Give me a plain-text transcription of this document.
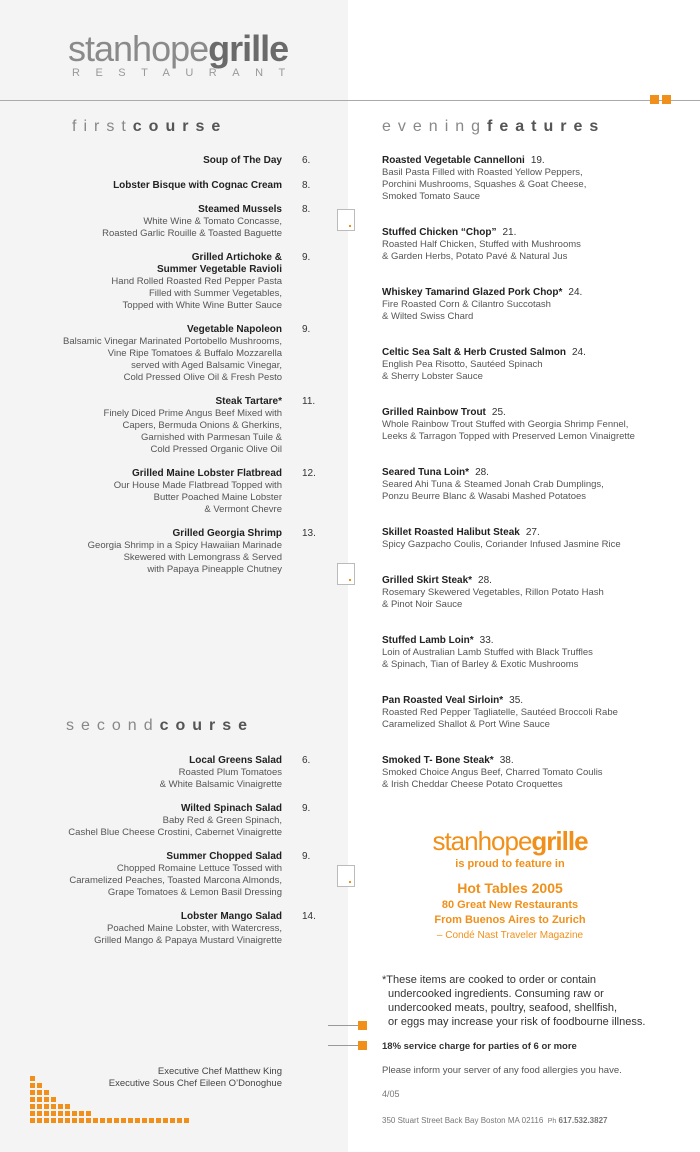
stanhopegrille
RESTAURANT
firstcourse	eveningfeatures
secondcourse
stanhopegrille
is proud to feature in
Hot Tables 2005
80 Great New Restaurants
From Buenos Aires to Zurich
– Condé Nast Traveler Magazine
*These items are cooked to order or contain
undercooked ingredients. Consuming raw or
undercooked meats, poultry, seafood, shellfish,
or eggs may increase your risk of foodbourne illness.
18% service charge for parties of 6 or more
Please inform your server of any food allergies you have.
4/05
350 Stuart Street Back Bay Boston MA 02116 Ph 617.532.3827
Executive Chef Matthew King
Executive Sous Chef Eileen O’Donoghue
Soup of The Day 6.
Lobster Bisque with Cognac Cream 8.
Steamed Mussels
White Wine & Tomato Concasse,
Roasted Garlic Rouille & Toasted Baguette
8.
Grilled Artichoke &
Summer Vegetable Ravioli
Hand Rolled Roasted Red Pepper Pasta
Filled with Summer Vegetables,
Topped with White Wine Butter Sauce
9.
Vegetable Napoleon
Balsamic Vinegar Marinated Portobello Mushrooms,
Vine Ripe Tomatoes & Buffalo Mozzarella
served with Aged Balsamic Vinegar,
Cold Pressed Olive Oil & Fresh Pesto
9.
Steak Tartare*
Finely Diced Prime Angus Beef Mixed with
Capers, Bermuda Onions & Gherkins,
Garnished with Parmesan Tuile &
Cold Pressed Organic Olive Oil
11.
Grilled Maine Lobster Flatbread
Our House Made Flatbread Topped with
Butter Poached Maine Lobster
& Vermont Chevre
12.
Grilled Georgia Shrimp
Georgia Shrimp in a Spicy Hawaiian Marinade
Skewered with Lemongrass & Served
with Papaya Pineapple Chutney
13.
Local Greens Salad
Roasted Plum Tomatoes
& White Balsamic Vinaigrette
6.
Wilted Spinach Salad
Baby Red & Green Spinach,
Cashel Blue Cheese Crostini, Cabernet Vinaigrette
9.
Summer Chopped Salad
Chopped Romaine Lettuce Tossed with
Caramelized Peaches, Toasted Marcona Almonds,
Grape Tomatoes & Lemon Basil Dressing
9.
Lobster Mango Salad
Poached Maine Lobster, with Watercress,
Grilled Mango & Papaya Mustard Vinaigrette
14.
Roasted Vegetable Cannelloni 19.
Basil Pasta Filled with Roasted Yellow Peppers,
Porchini Mushrooms, Squashes & Goat Cheese,
Smoked Tomato Sauce
Stuffed Chicken “Chop” 21.
Roasted Half Chicken, Stuffed with Mushrooms
& Garden Herbs, Potato Pavé & Natural Jus
Whiskey Tamarind Glazed Pork Chop* 24.
Fire Roasted Corn & Cilantro Succotash
& Wilted Swiss Chard
Celtic Sea Salt & Herb Crusted Salmon 24.
English Pea Risotto, Sautéed Spinach
& Sherry Lobster Sauce
Grilled Rainbow Trout 25.
Whole Rainbow Trout Stuffed with Georgia Shrimp Fennel,
Leeks & Tarragon Topped with Preserved Lemon Vinaigrette
Seared Tuna Loin* 28.
Seared Ahi Tuna & Steamed Jonah Crab Dumplings,
Ponzu Beurre Blanc & Wasabi Mashed Potatoes
Skillet Roasted Halibut Steak 27.
Spicy Gazpacho Coulis, Coriander Infused Jasmine Rice
Grilled Skirt Steak* 28.
Rosemary Skewered Vegetables, Rillon Potato Hash
& Pinot Noir Sauce
Stuffed Lamb Loin* 33.
Loin of Australian Lamb Stuffed with Black Truffles
& Spinach, Tian of Barley & Exotic Mushrooms
Pan Roasted Veal Sirloin* 35.
Roasted Red Pepper Tagliatelle, Sautéed Broccoli Rabe
Caramelized Shallot & Port Wine Sauce
Smoked T- Bone Steak* 38.
Smoked Choice Angus Beef, Charred Tomato Coulis
& Irish Cheddar Cheese Potato Croquettes
